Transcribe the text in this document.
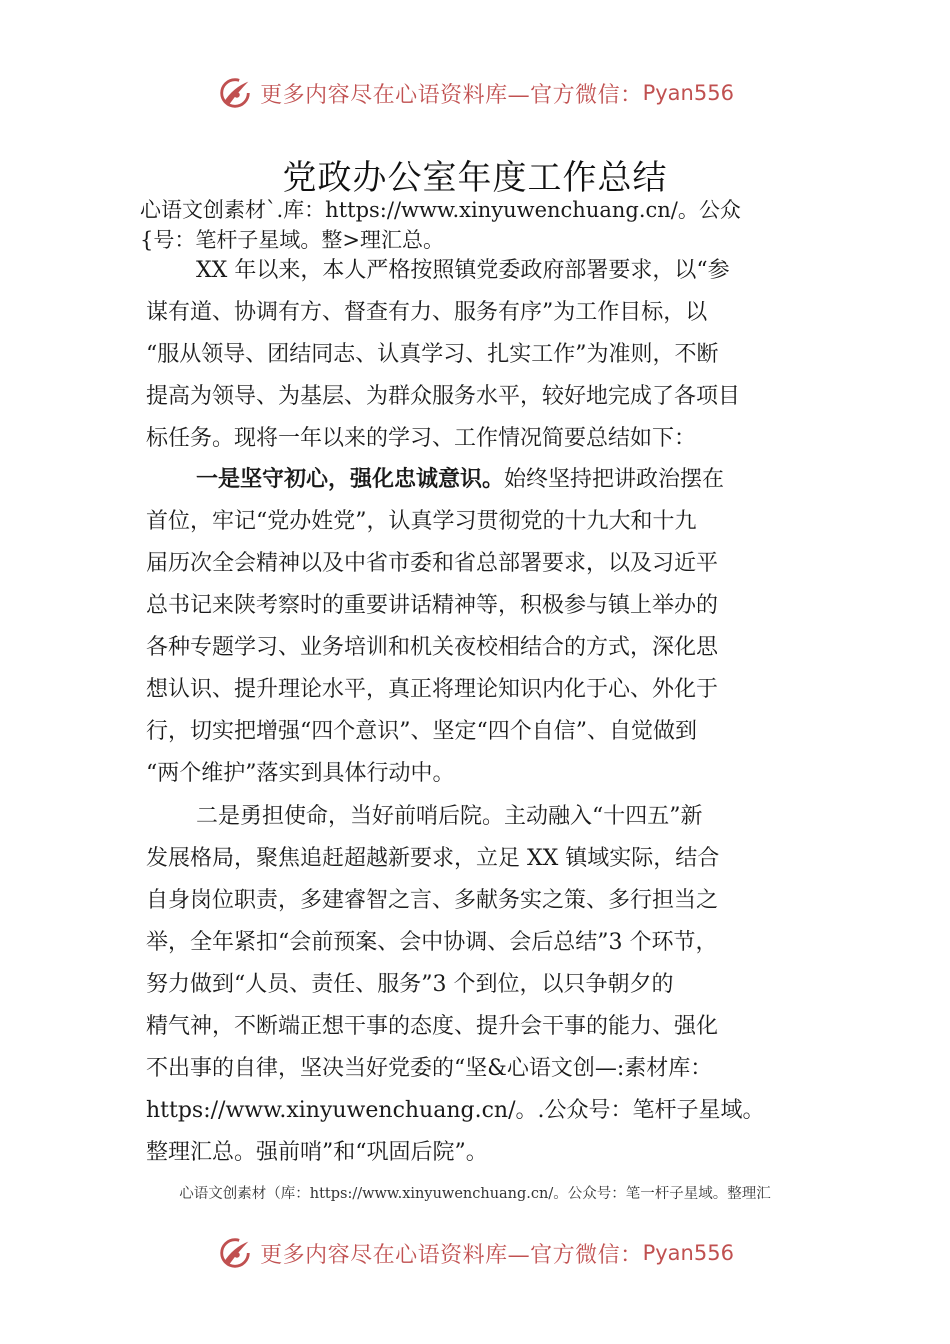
更多内容尽在心语资料库—官方微信： Pyan556
党政办公室年度工作总结
心语文创素材`.库：https://www.xinyuwenchuang.cn/。公众
{号：笔杆子星域。整>理汇总。
XX 年以来，本人严格按照镇党委政府部署要求，以“参
谋有道、协调有方、督查有力、服务有序”为工作目标，以
“服从领导、团结同志、认真学习、扎实工作”为准则，不断
提高为领导、为基层、为群众服务水平，较好地完成了各项目
标任务。现将一年以来的学习、工作情况简要总结如下：
一是坚守初心，强化忠诚意识。始终坚持把讲政治摆在
首位，牢记“党办姓党”，认真学习贯彻党的十九大和十九
届历次全会精神以及中省市委和省总部署要求，以及习近平
总书记来陕考察时的重要讲话精神等，积极参与镇上举办的
各种专题学习、业务培训和机关夜校相结合的方式，深化思
想认识、提升理论水平，真正将理论知识内化于心、外化于
行，切实把增强“四个意识”、坚定“四个自信”、自觉做到
“两个维护”落实到具体行动中。
二是勇担使命，当好前哨后院。主动融入“十四五”新
发展格局，聚焦追赶超越新要求，立足 XX 镇域实际，结合
自身岗位职责，多建睿智之言、多献务实之策、多行担当之
举，全年紧扣“会前预案、会中协调、会后总结”3 个环节，
努力做到“人员、责任、服务”3 个到位，以只争朝夕的
精气神，不断端正想干事的态度、提升会干事的能力、强化
不出事的自律，坚决当好党委的“坚&心语文创—:素材库：
https://www.xinyuwenchuang.cn/。.公众号：笔杆子星域。
整理汇总。强前哨”和“巩固后院”。
心语文创素材（库：https://www.xinyuwenchuang.cn/。公众号：笔一杆子星域。整理汇
更多内容尽在心语资料库—官方微信： Pyan556
